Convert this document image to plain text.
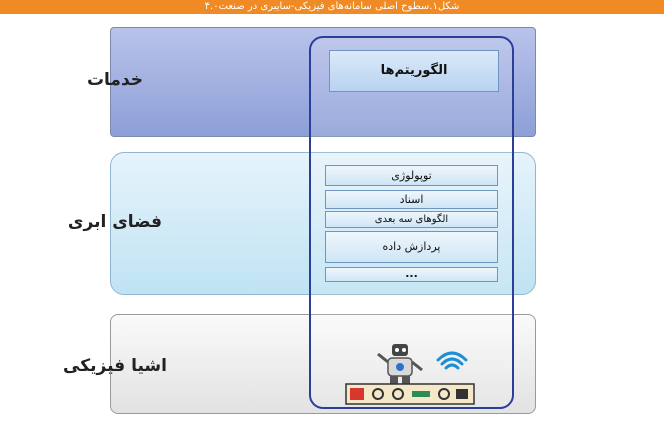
شکل۱.سطوح اصلی سامانه‌های فیزیکی-سایبری در صنعت۴.۰
خدمات
فضای ابری
اشیا فیزیکی
الگوریتم‌ها
توپولوژی
اسناد
الگوهای سه بعدی
پردازش داده
...
